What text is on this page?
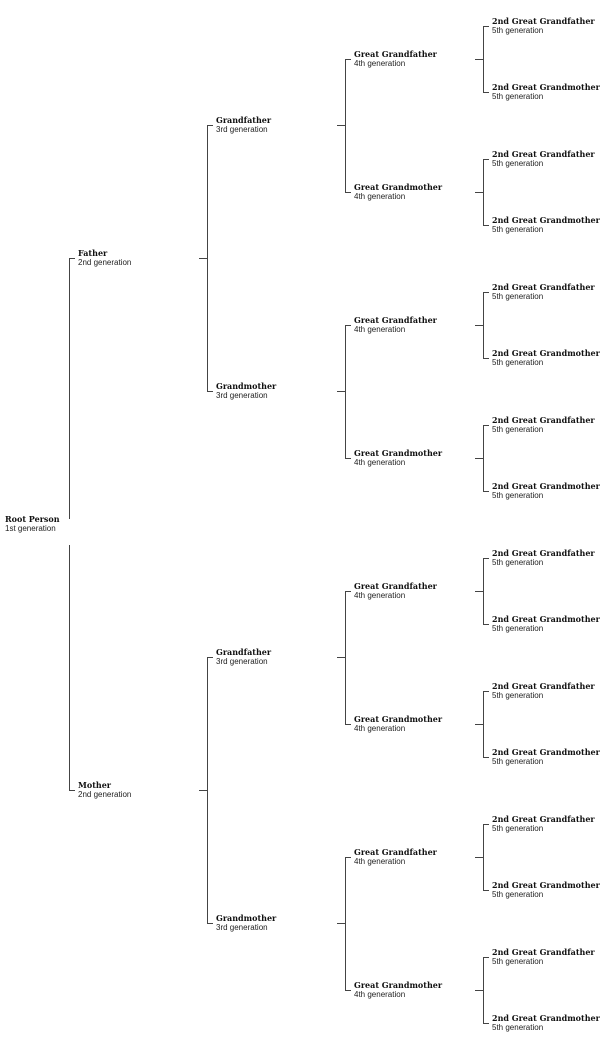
Root Person
1st generation
Father
2nd generation
Mother
2nd generation
Grandfather
3rd generation
Grandmother
3rd generation
Grandfather
3rd generation
Grandmother
3rd generation
Great Grandfather
4th generation
Great Grandmother
4th generation
Great Grandfather
4th generation
Great Grandmother
4th generation
Great Grandfather
4th generation
Great Grandmother
4th generation
Great Grandfather
4th generation
Great Grandmother
4th generation
2nd Great Grandfather
5th generation
2nd Great Grandmother
5th generation
2nd Great Grandfather
5th generation
2nd Great Grandmother
5th generation
2nd Great Grandfather
5th generation
2nd Great Grandmother
5th generation
2nd Great Grandfather
5th generation
2nd Great Grandmother
5th generation
2nd Great Grandfather
5th generation
2nd Great Grandmother
5th generation
2nd Great Grandfather
5th generation
2nd Great Grandmother
5th generation
2nd Great Grandfather
5th generation
2nd Great Grandmother
5th generation
2nd Great Grandfather
5th generation
2nd Great Grandmother
5th generation
